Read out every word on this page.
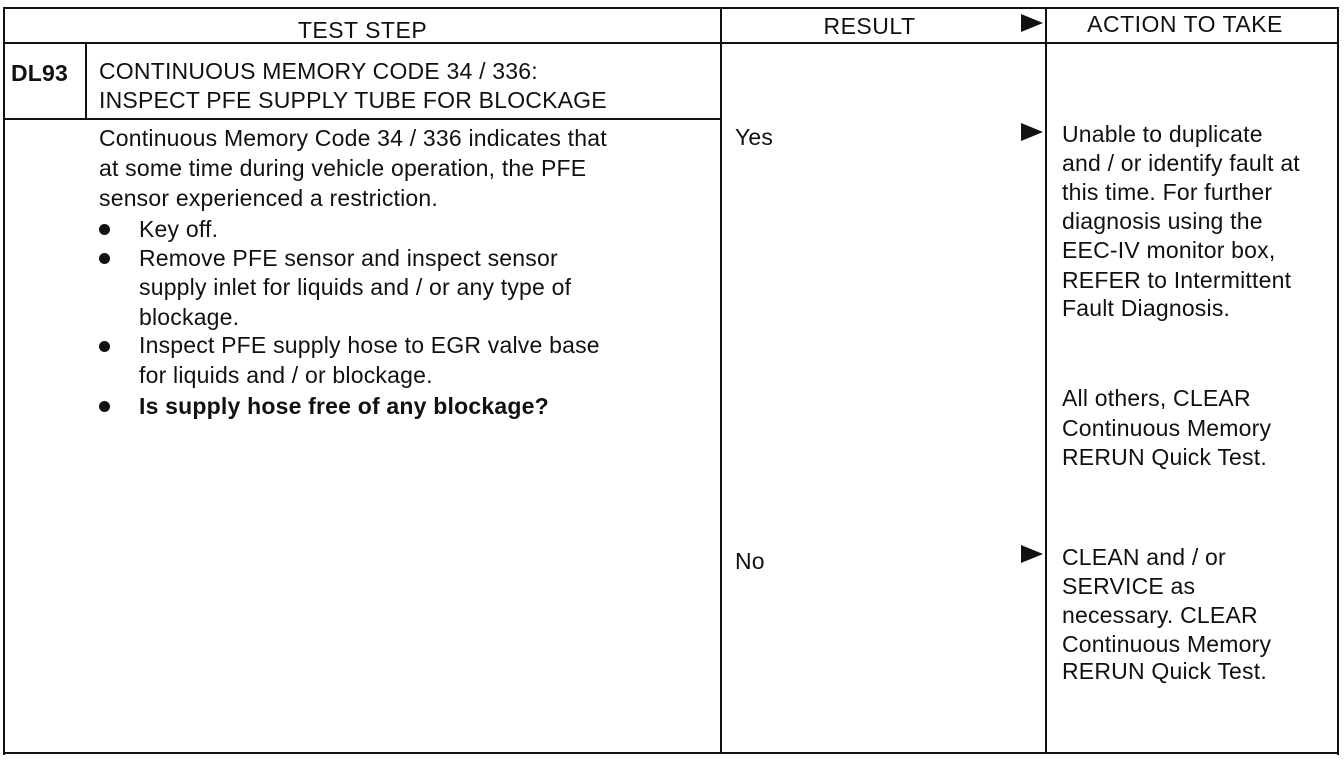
TEST STEP	RESULT	ACTION TO TAKE
DL93 CONTINUOUS MEMORY CODE 34 / 336:
INSPECT PFE SUPPLY TUBE FOR BLOCKAGE
Continuous Memory Code 34 / 336 indicates that
at some time during vehicle operation, the PFE
sensor experienced a restriction.
Key off.
Remove PFE sensor and inspect sensor
supply inlet for liquids and / or any type of
blockage.
Inspect PFE supply hose to EGR valve base
for liquids and / or blockage.
Is supply hose free of any blockage?
Yes	Unable to duplicate
and / or identify fault at
this time. For further
diagnosis using the
EEC-IV monitor box,
REFER to Intermittent
Fault Diagnosis.
All others, CLEAR
Continuous Memory
RERUN Quick Test.
No	CLEAN and / or
SERVICE as
necessary. CLEAR
Continuous Memory
RERUN Quick Test.
